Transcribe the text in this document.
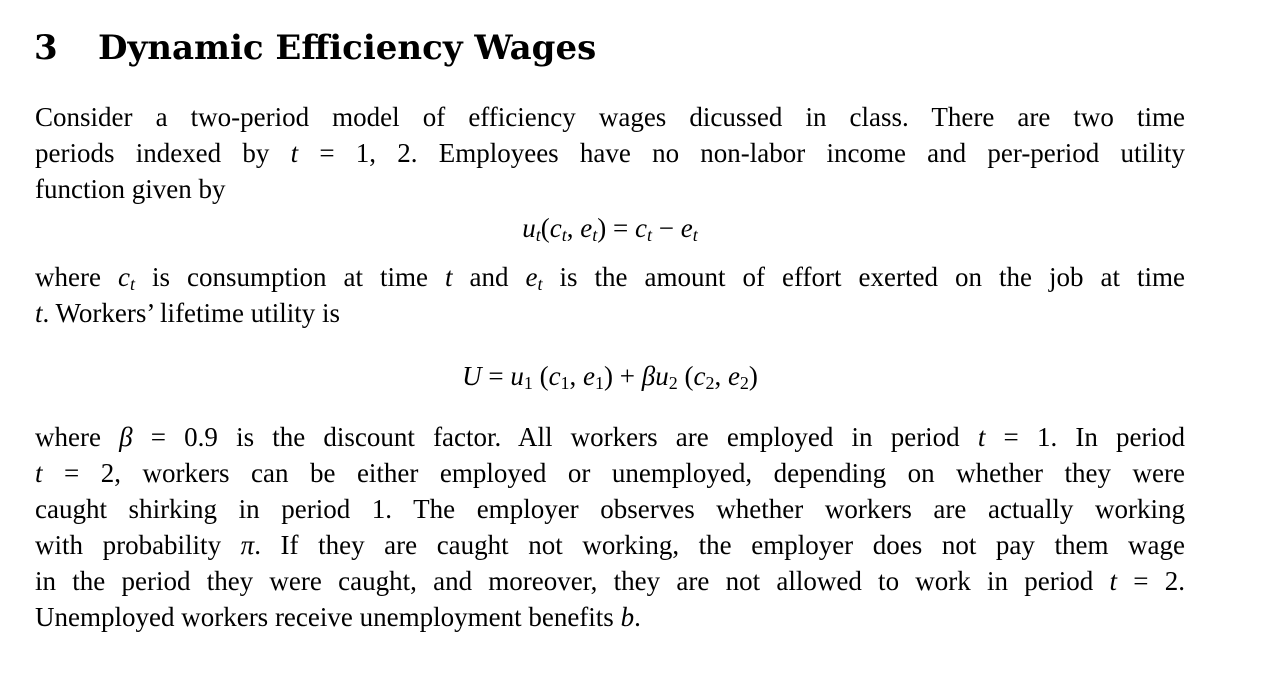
3 Dynamic Efficiency Wages
Consider a two-period model of efficiency wages dicussed in class. There are two time
periods indexed by t = 1, 2. Employees have no non-labor income and per-period utility
function given by
$u_t(c_t$, $e_t) = c_t - e_t$
where $c_t$ is consumption at time t and $e_t$ is the amount of effort exerted on the job at time
t. Workers’ lifetime utility is
$U = u_1$ ($c_1$, $e_1) + \beta u_2$ ($c_2$, $e_2$)
where β = 0.9 is the discount factor. All workers are employed in period t = 1. In period
t = 2, workers can be either employed or unemployed, depending on whether they were
caught shirking in period 1. The employer observes whether workers are actually working
with probability π. If they are caught not working, the employer does not pay them wage
in the period they were caught, and moreover, they are not allowed to work in period t = 2.
Unemployed workers receive unemployment benefits b.
